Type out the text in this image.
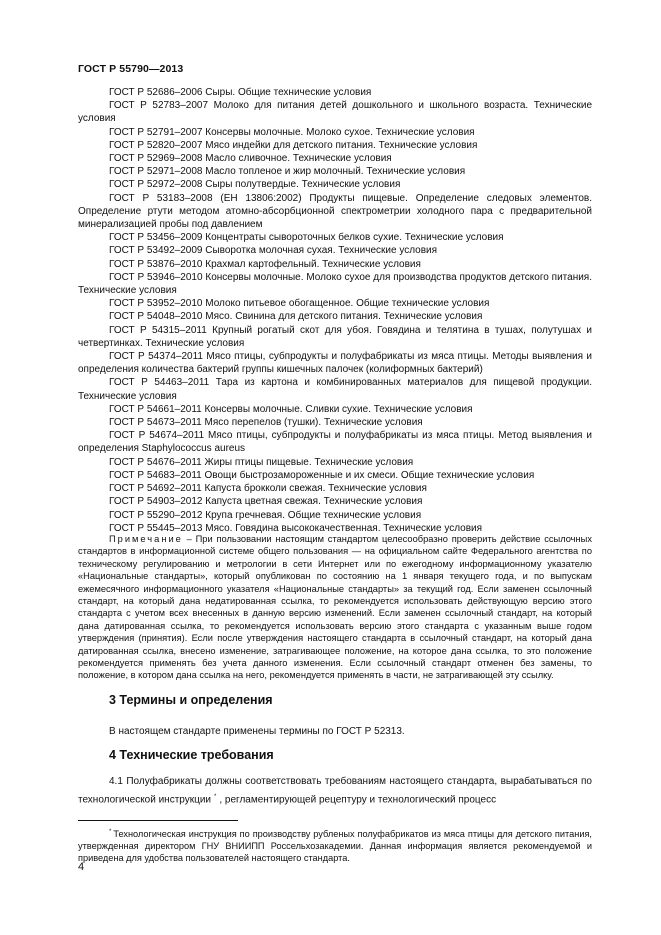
ГОСТ Р 55790—2013

ГОСТ Р 52686–2006 Сыры. Общие технические условия

ГОСТ Р 52783–2007 Молоко для питания детей дошкольного и школьного возраста. Технические условия

ГОСТ Р 52791–2007 Консервы молочные. Молоко сухое. Технические условия

ГОСТ Р 52820–2007 Мясо индейки для детского питания. Технические условия

ГОСТ Р 52969–2008 Масло сливочное. Технические условия

ГОСТ Р 52971–2008 Масло топленое и жир молочный. Технические условия

ГОСТ Р 52972–2008 Сыры полутвердые. Технические условия

ГОСТ Р 53183–2008 (ЕН 13806:2002) Продукты пищевые. Определение следовых элементов. Определение ртути методом атомно-абсорбционной спектрометрии холодного пара с предварительной минерализацией пробы под давлением

ГОСТ Р 53456–2009 Концентраты сывороточных белков сухие. Технические условия

ГОСТ Р 53492–2009 Сыворотка молочная сухая. Технические условия

ГОСТ Р 53876–2010 Крахмал картофельный. Технические условия

ГОСТ Р 53946–2010 Консервы молочные. Молоко сухое для производства продуктов детского питания. Технические условия

ГОСТ Р 53952–2010 Молоко питьевое обогащенное. Общие технические условия

ГОСТ Р 54048–2010 Мясо. Свинина для детского питания. Технические условия

ГОСТ Р 54315–2011 Крупный рогатый скот для убоя. Говядина и телятина в тушах, полутушах и четвертинках. Технические условия

ГОСТ Р 54374–2011 Мясо птицы, субпродукты и полуфабрикаты из мяса птицы. Методы выявления и определения количества бактерий группы кишечных палочек (колиформных бактерий)

ГОСТ Р 54463–2011 Тара из картона и комбинированных материалов для пищевой продукции. Технические условия

ГОСТ Р 54661–2011 Консервы молочные. Сливки сухие. Технические условия

ГОСТ Р 54673–2011 Мясо перепелов (тушки). Технические условия

ГОСТ Р 54674–2011 Мясо птицы, субпродукты и полуфабрикаты из мяса птицы. Метод выявления и определения Staphylococcus aureus

ГОСТ Р 54676–2011 Жиры птицы пищевые. Технические условия

ГОСТ Р 54683–2011 Овощи быстрозамороженные и их смеси. Общие технические условия

ГОСТ Р 54692–2011 Капуста брокколи свежая. Технические условия

ГОСТ Р 54903–2012 Капуста цветная свежая. Технические условия

ГОСТ Р 55290–2012 Крупа гречневая. Общие технические условия

ГОСТ Р 55445–2013 Мясо. Говядина высококачественная. Технические условия

Примечание – При пользовании настоящим стандартом целесообразно проверить действие ссылочных стандартов в информационной системе общего пользования — на официальном сайте Федерального агентства по техническому регулированию и метрологии в сети Интернет или по ежегодному информационному указателю «Национальные стандарты», который опубликован по состоянию на 1 января текущего года, и по выпускам ежемесячного информационного указателя «Национальные стандарты» за текущий год. Если заменен ссылочный стандарт, на который дана недатированная ссылка, то рекомендуется использовать действующую версию этого стандарта с учетом всех внесенных в данную версию изменений. Если заменен ссылочный стандарт, на который дана датированная ссылка, то рекомендуется использовать версию этого стандарта с указанным выше годом утверждения (принятия). Если после утверждения настоящего стандарта в ссылочный стандарт, на который дана датированная ссылка, внесено изменение, затрагивающее положение, на которое дана ссылка, то это положение рекомендуется применять без учета данного изменения. Если ссылочный стандарт отменен без замены, то положение, в котором дана ссылка на него, рекомендуется применять в части, не затрагивающей эту ссылку.

3 Термины и определения

В настоящем стандарте применены термины по ГОСТ Р 52313.

4 Технические требования

4.1 Полуфабрикаты должны соответствовать требованиям настоящего стандарта, вырабатываться по технологической инструкции * , регламентирующей рецептуру и технологический процесс

* Технологическая инструкция по производству рубленых полуфабрикатов из мяса птицы для детского питания, утвержденная директором ГНУ ВНИИПП Россельхозакадемии. Данная информация является рекомендуемой и приведена для удобства пользователей настоящего стандарта.

4
